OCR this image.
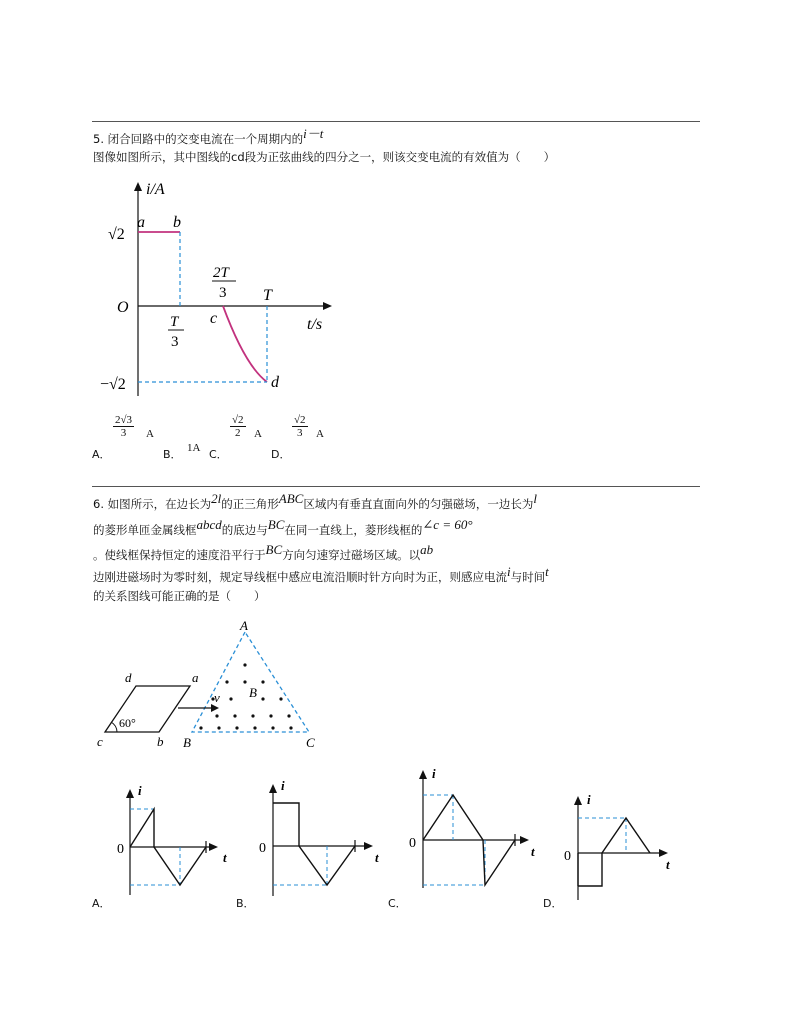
5. 闭合回路中的交变电流在一个周期内的i－t
图像如图所示，其中图线的cd段为正弦曲线的四分之一，则该交变电流的有效值为（　　）
i/A
t/s
O
√2
−√2
a b
c
d
T
3
2T
3 T
A．
$\frac{2√3}{3}$ A
B． 1A C．
$\frac{√2}{2}$ A
D．
$\frac{√2}{3}$ A
6. 如图所示，在边长为2l的正三角形ABC区域内有垂直直面向外的匀强磁场，一边长为l
的菱形单匝金属线框abcd的底边与BC在同一直线上，菱形线框的∠c = 60°
。使线框保持恒定的速度沿平行于BC方向匀速穿过磁场区域。以ab
边刚进磁场时为零时刻，规定导线框中感应电流沿顺时针方向时为正，则感应电流i与时间t
的关系图线可能正确的是（　　）
A
B
B	C
a
b
c
d
60°
v
i
t
0
A．
i
t
0
B．
i
t
0
C．
i
t
0
D．
